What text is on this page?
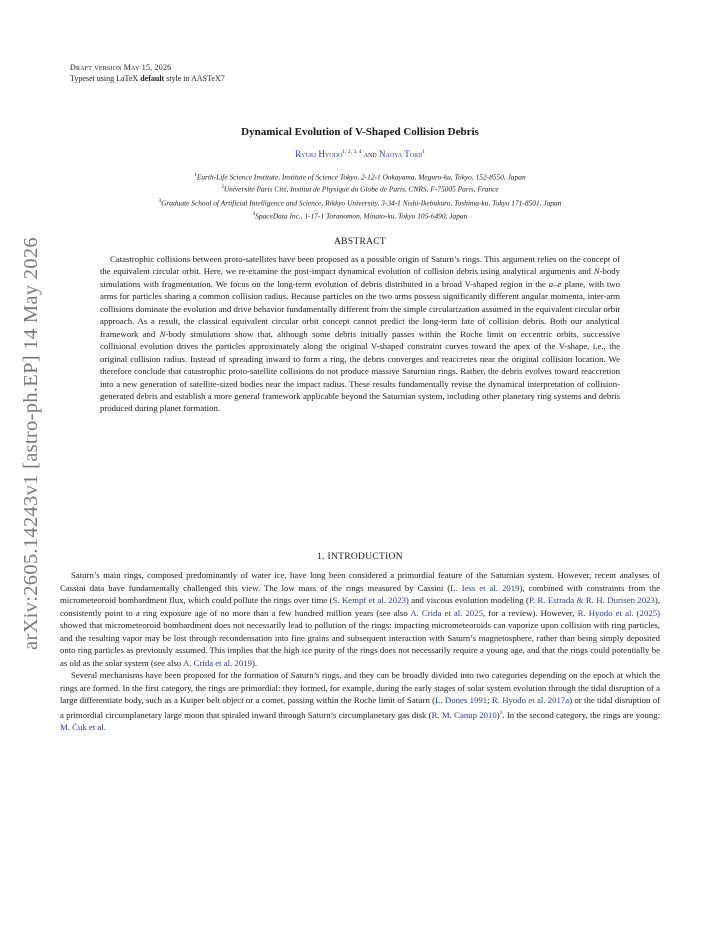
Draft version May 15, 2026
Typeset using LaTeX default style in AASTeX7
arXiv:2605.14243v1 [astro-ph.EP] 14 May 2026
Dynamical Evolution of V-Shaped Collision Debris
Ryuki Hyodo$^{1, 2, 3, 4}$ and Naoya Torii$^1$
$^1$Earth-Life Science Institute, Institute of Science Tokyo, 2-12-1 Ookayama, Meguro-ku, Tokyo, 152-8550, Japan
$^2$Université Paris Cité, Institut de Physique du Globe de Paris, CNRS, F-75005 Paris, France
$^3$Graduate School of Artificial Intelligence and Science, Rikkyo University, 3-34-1 Nishi-Ikebukuro, Toshima-ku, Tokyo 171-8501, Japan
$^4$SpaceData Inc., 1-17-1 Toranomon, Minato-ku, Tokyo 105-6490, Japan
ABSTRACT

Catastrophic collisions between proto-satellites have been proposed as a possible origin of Saturn’s rings. This argument relies on the concept of the equivalent circular orbit. Here, we re-examine the post-impact dynamical evolution of collision debris using analytical arguments and N-body simulations with fragmentation. We focus on the long-term evolution of debris distributed in a broad V-shaped region in the a–e plane, with two arms for particles sharing a common collision radius. Because particles on the two arms possess significantly different angular momenta, inter-arm collisions dominate the evolution and drive behavior fundamentally different from the simple circularization assumed in the equivalent circular orbit approach. As a result, the classical equivalent circular orbit concept cannot predict the long-term fate of collision debris. Both our analytical framework and N-body simulations show that, although some debris initially passes within the Roche limit on eccentric orbits, successive collisional evolution drives the particles approximately along the original V-shaped constraint curves toward the apex of the V-shape, i.e., the original collision radius. Instead of spreading inward to form a ring, the debris converges and reaccretes near the original collision location. We therefore conclude that catastrophic proto-satellite collisions do not produce massive Saturnian rings. Rather, the debris evolves toward reaccretion into a new generation of satellite-sized bodies near the impact radius. These results fundamentally revise the dynamical interpretation of collision-generated debris and establish a more general framework applicable beyond the Saturnian system, including other planetary ring systems and debris produced during planet formation.

1. INTRODUCTION

Saturn’s main rings, composed predominantly of water ice, have long been considered a primordial feature of the Saturnian system. However, recent analyses of Cassini data have fundamentally challenged this view. The low mass of the rings measured by Cassini (L. Iess et al. 2019), combined with constraints from the micrometeoroid bombardment flux, which could pollute the rings over time (S. Kempf et al. 2023) and viscous evolution modeling (P. R. Estrada & R. H. Durisen 2023), consistently point to a ring exposure age of no more than a few hundred million years (see also A. Crida et al. 2025, for a review). However, R. Hyodo et al. (2025) showed that micrometeoroid bombardment does not necessarily lead to pollution of the rings: impacting micrometeoroids can vaporize upon collision with ring particles, and the resulting vapor may be lost through recondensation into fine grains and subsequent interaction with Saturn’s magnetosphere, rather than being simply deposited onto ring particles as previously assumed. This implies that the high ice purity of the rings does not necessarily require a young age, and that the rings could potentially be as old as the solar system (see also A. Crida et al. 2019).

Several mechanisms have been proposed for the formation of Saturn’s rings, and they can be broadly divided into two categories depending on the epoch at which the rings are formed. In the first category, the rings are primordial: they formed, for example, during the early stages of solar system evolution through the tidal disruption of a large differentiate body, such as a Kuiper belt object or a comet, passing within the Roche limit of Saturn (L. Dones 1991; R. Hyodo et al. 2017a) or the tidal disruption of a primordial circumplanetary large moon that spiraled inward through Saturn’s circumplanetary gas disk (R. M. Canup 2010)$^1$. In the second category, the rings are young: M. Ćuk et al.
